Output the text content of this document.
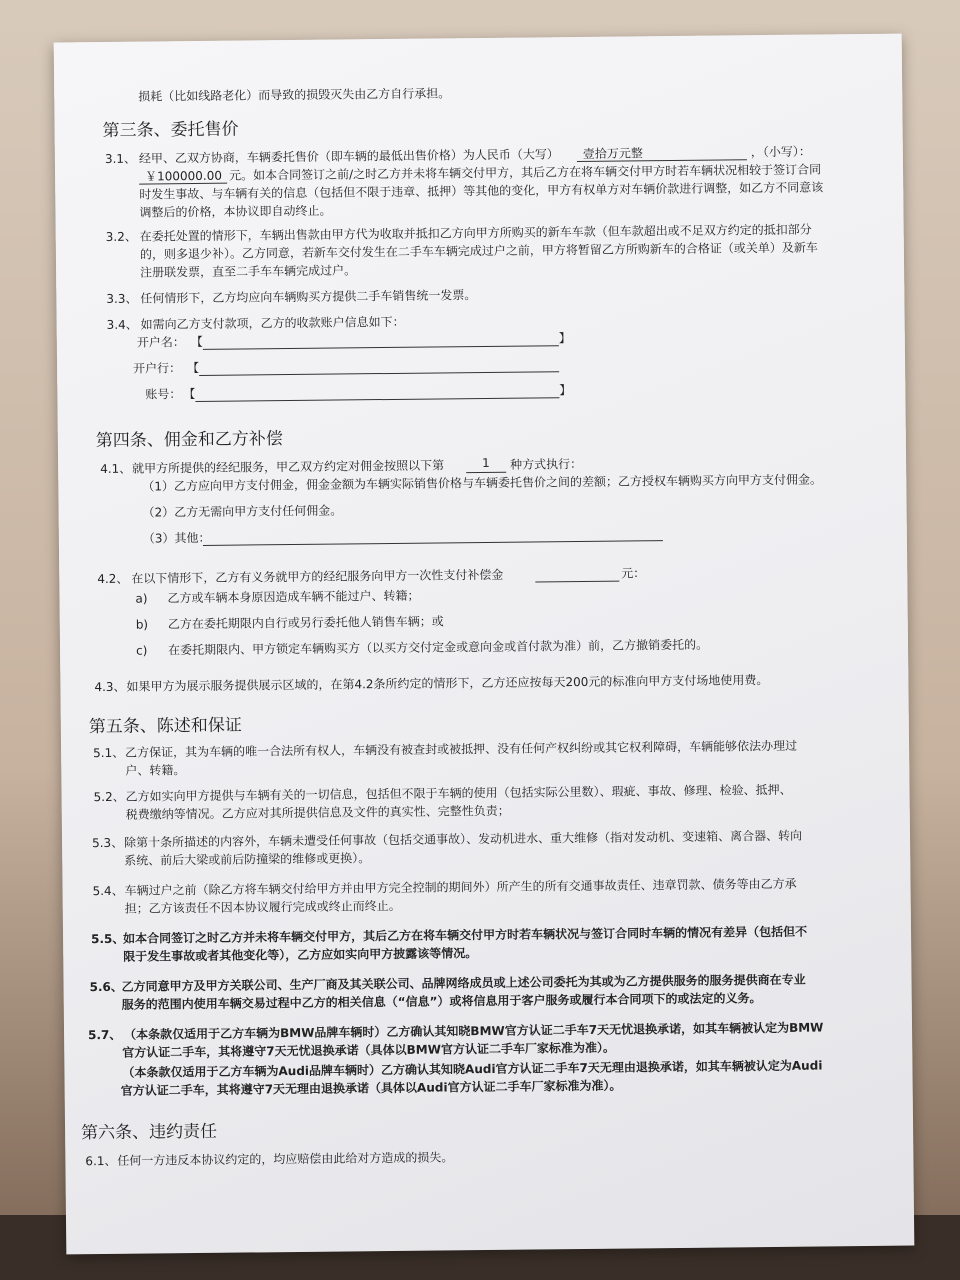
损耗（比如线路老化）而导致的损毁灭失由乙方自行承担。
第三条、委托售价
3.1、 经甲、乙双方协商，车辆委托售价（即车辆的最低出售价格）为人民币（大写） 壹拾万元整	，（小写）：
￥100000.00 元。如本合同签订之前/之时乙方并未将车辆交付甲方，其后乙方在将车辆交付甲方时若车辆状况相较于签订合同
时发生事故、与车辆有关的信息（包括但不限于违章、抵押）等其他的变化，甲方有权单方对车辆价款进行调整，如乙方不同意该
调整后的价格，本协议即自动终止。
3.2、 在委托处置的情形下，车辆出售款由甲方代为收取并抵扣乙方向甲方所购买的新车车款（但车款超出或不足双方约定的抵扣部分
的，则多退少补）。乙方同意，若新车交付发生在二手车车辆完成过户之前，甲方将暂留乙方所购新车的合格证（或关单）及新车
注册联发票，直至二手车车辆完成过户。
3.3、 任何情形下，乙方均应向车辆购买方提供二手车销售统一发票。
3.4、 如需向乙方支付款项，乙方的收款账户信息如下：
开户名： 【	】
开户行： 【
账号： 【	】
第四条、佣金和乙方补偿
4.1、 就甲方所提供的经纪服务，甲乙双方约定对佣金按照以下第	1 种方式执行：
（1）乙方应向甲方支付佣金，佣金金额为车辆实际销售价格与车辆委托售价之间的差额；乙方授权车辆购买方向甲方支付佣金。
（2）乙方无需向甲方支付任何佣金。
（3）其他：
4.2、 在以下情形下，乙方有义务就甲方的经纪服务向甲方一次性支付补偿金	元：
a) 乙方或车辆本身原因造成车辆不能过户、转籍；
b) 乙方在委托期限内自行或另行委托他人销售车辆；或
c) 在委托期限内、甲方锁定车辆购买方（以买方交付定金或意向金或首付款为准）前，乙方撤销委托的。
4.3、 如果甲方为展示服务提供展示区域的，在第4.2条所约定的情形下，乙方还应按每天200元的标准向甲方支付场地使用费。
第五条、陈述和保证
5.1、 乙方保证，其为车辆的唯一合法所有权人，车辆没有被查封或被抵押、没有任何产权纠纷或其它权利障碍，车辆能够依法办理过
户、转籍。
5.2、 乙方如实向甲方提供与车辆有关的一切信息，包括但不限于车辆的使用（包括实际公里数）、瑕疵、事故、修理、检验、抵押、
税费缴纳等情况。乙方应对其所提供信息及文件的真实性、完整性负责；
5.3、 除第十条所描述的内容外，车辆未遭受任何事故（包括交通事故）、发动机进水、重大维修（指对发动机、变速箱、离合器、转向
系统、前后大梁或前后防撞梁的维修或更换）。
5.4、 车辆过户之前（除乙方将车辆交付给甲方并由甲方完全控制的期间外）所产生的所有交通事故责任、违章罚款、债务等由乙方承
担；乙方该责任不因本协议履行完成或终止而终止。
5.5、
如本合同签订之时乙方并未将车辆交付甲方，其后乙方在将车辆交付甲方时若车辆状况与签订合同时车辆的情况有差异（包括但不
限于发生事故或者其他变化等），乙方应如实向甲方披露该等情况。
5.6、
乙方同意甲方及甲方关联公司、生产厂商及其关联公司、品牌网络成员或上述公司委托为其或为乙方提供服务的服务提供商在专业
服务的范围内使用车辆交易过程中乙方的相关信息（“信息”）或将信息用于客户服务或履行本合同项下的或法定的义务。
5.7、 （本条款仅适用于乙方车辆为BMW品牌车辆时）乙方确认其知晓BMW官方认证二手车7天无忧退换承诺，如其车辆被认定为BMW
官方认证二手车，其将遵守7天无忧退换承诺（具体以BMW官方认证二手车厂家标准为准）。
（本条款仅适用于乙方车辆为Audi品牌车辆时）乙方确认其知晓Audi官方认证二手车7天无理由退换承诺，如其车辆被认定为Audi
官方认证二手车，其将遵守7天无理由退换承诺（具体以Audi官方认证二手车厂家标准为准）。
第六条、违约责任
6.1、 任何一方违反本协议约定的，均应赔偿由此给对方造成的损失。
